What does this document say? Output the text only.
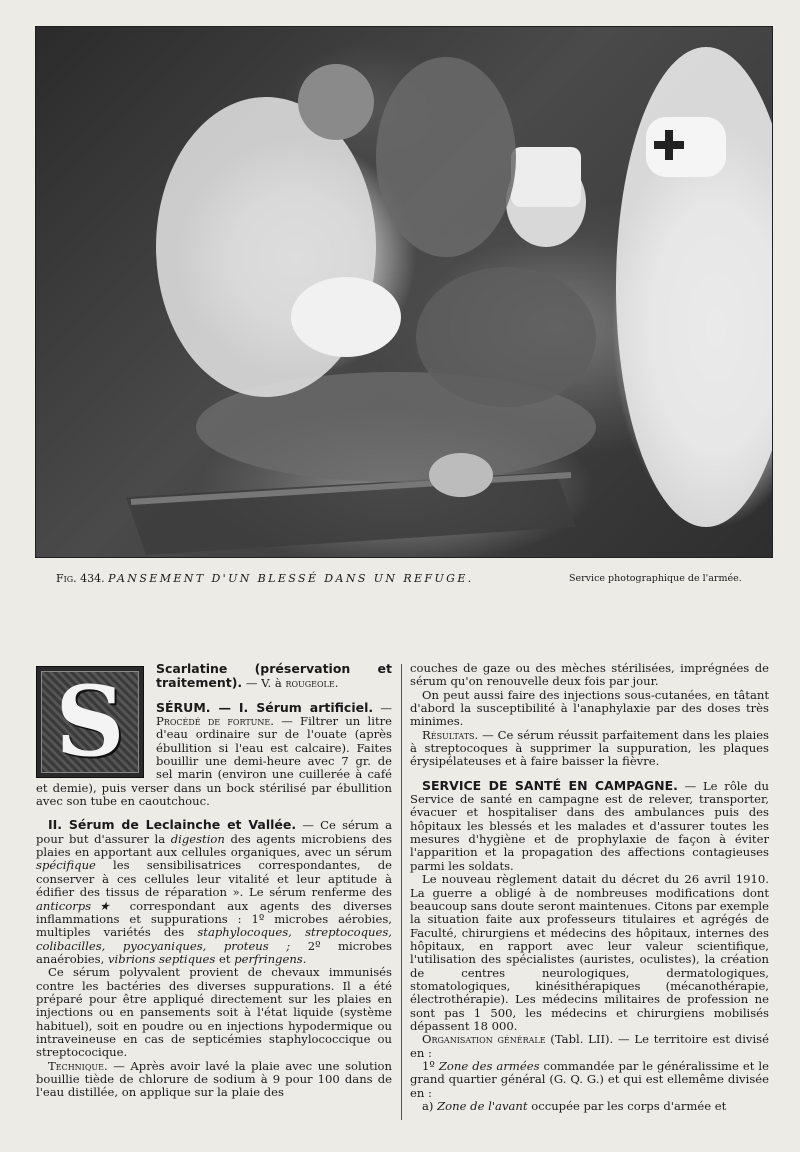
Fig. 434. PANSEMENT D'UN BLESSÉ DANS UN REFUGE.	Service photographique de l'armée.
S	Scarlatine (préservation et traitement). — V. à rougeole.

SÉRUM. — I. Sérum artificiel. — Procédé de fortune. — Filtrer un litre d'eau ordinaire sur de l'ouate (après ébullition si l'eau est calcaire). Faites bouillir une demi-heure avec 7 gr. de sel marin (environ une cuillerée à café et demie), puis verser dans un bock stérilisé par ébullition avec son tube en caoutchouc.

II. Sérum de Leclainche et Vallée. — Ce sérum a pour but d'assurer la digestion des agents microbiens des plaies en apportant aux cellules organiques, avec un sérum spécifique les sensibilisatrices correspondantes, de conserver à ces cellules leur vitalité et leur aptitude à édifier des tissus de réparation ». Le sérum renferme des anticorps★ correspondant aux agents des diverses inflammations et suppurations : 1º microbes aérobies, multiples variétés des staphylocoques, streptocoques, colibacilles, pyocyaniques, proteus ; 2º microbes anaérobies, vibrions septiques et perfringens.

Ce sérum polyvalent provient de chevaux immunisés contre les bactéries des diverses suppurations. Il a été préparé pour être appliqué directement sur les plaies en injections ou en pansements soit à l'état liquide (système habituel), soit en poudre ou en injections hypodermique ou intraveineuse en cas de septicémies staphylococcique ou streptococique.

Technique. — Après avoir lavé la plaie avec une solution bouillie tiède de chlorure de sodium à 9 pour 100 dans de l'eau distillée, on applique sur la plaie des

couches de gaze ou des mèches stérilisées, imprégnées de sérum qu'on renouvelle deux fois par jour.

On peut aussi faire des injections sous-cutanées, en tâtant d'abord la susceptibilité à l'anaphylaxie par des doses très minimes.

Résultats. — Ce sérum réussit parfaitement dans les plaies à streptocoques à supprimer la suppuration, les plaques érysipélateuses et à faire baisser la fièvre.

SERVICE DE SANTÉ EN CAMPAGNE. — Le rôle du Service de santé en campagne est de relever, transporter, évacuer et hospitaliser dans des ambulances puis des hôpitaux les blessés et les malades et d'assurer toutes les mesures d'hygiène et de prophylaxie de façon à éviter l'apparition et la propagation des affections contagieuses parmi les soldats.

Le nouveau règlement datait du décret du 26 avril 1910. La guerre a obligé à de nombreuses modifications dont beaucoup sans doute seront maintenues. Citons par exemple la situation faite aux professeurs titulaires et agrégés de Faculté, chirurgiens et médecins des hôpitaux, internes des hôpitaux, en rapport avec leur valeur scientifique, l'utilisation des spécialistes (auristes, oculistes), la création de centres neurologiques, dermatologiques, stomatologiques, kinésithérapiques (mécanothérapie, électrothérapie). Les médecins militaires de profession ne sont pas 1 500, les médecins et chirurgiens mobilisés dépassent 18 000.

Organisation générale (Tabl. LII). — Le territoire est divisé en :

1º Zone des armées commandée par le généralissime et le grand quartier général (G. Q. G.) et qui est ellemême divisée en :

a) Zone de l'avant occupée par les corps d'armée et
